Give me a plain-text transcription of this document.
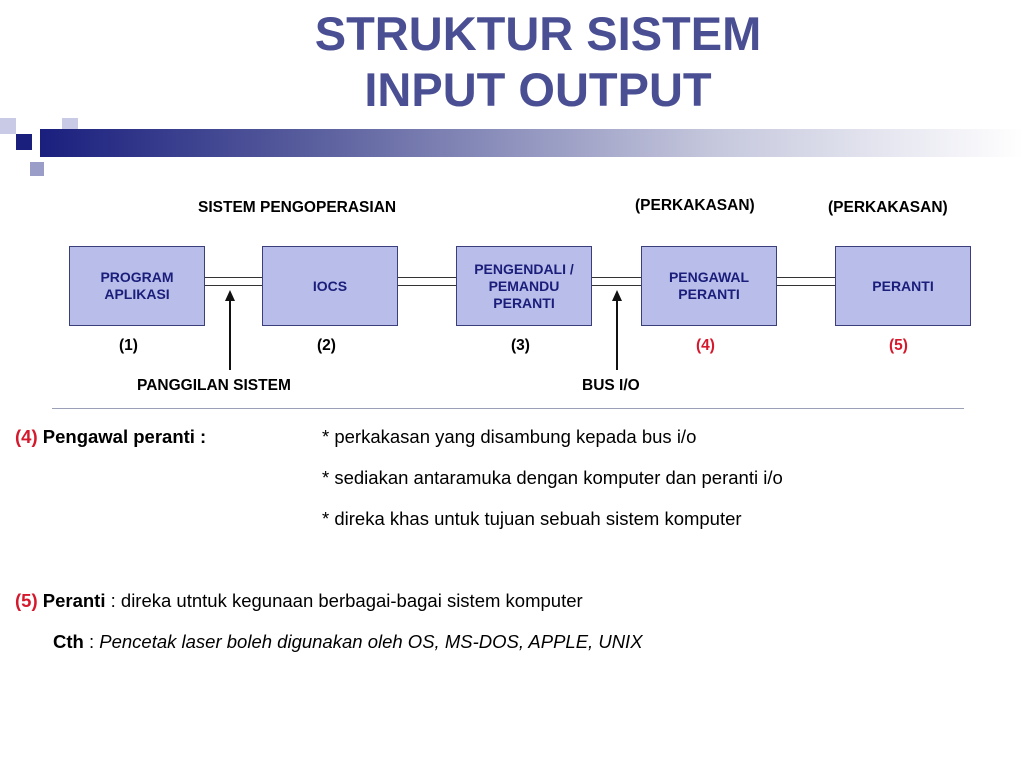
STRUKTUR SISTEM
INPUT OUTPUT
SISTEM PENGOPERASIAN	(PERKAKASAN)	(PERKAKASAN)
PROGRAM
APLIKASI
IOCS
PENGENDALI /
PEMANDU
PERANTI
PENGAWAL
PERANTI
PERANTI
(1)	(2)	(3)	(4)	(5)
PANGGILAN SISTEM	BUS I/O
(4) Pengawal peranti :	* perkakasan yang disambung kepada bus i/o
* sediakan antaramuka dengan komputer dan peranti i/o
* direka khas untuk tujuan sebuah sistem komputer
(5) Peranti : direka utntuk kegunaan berbagai-bagai sistem komputer
Cth : Pencetak laser boleh digunakan oleh OS, MS-DOS, APPLE, UNIX
